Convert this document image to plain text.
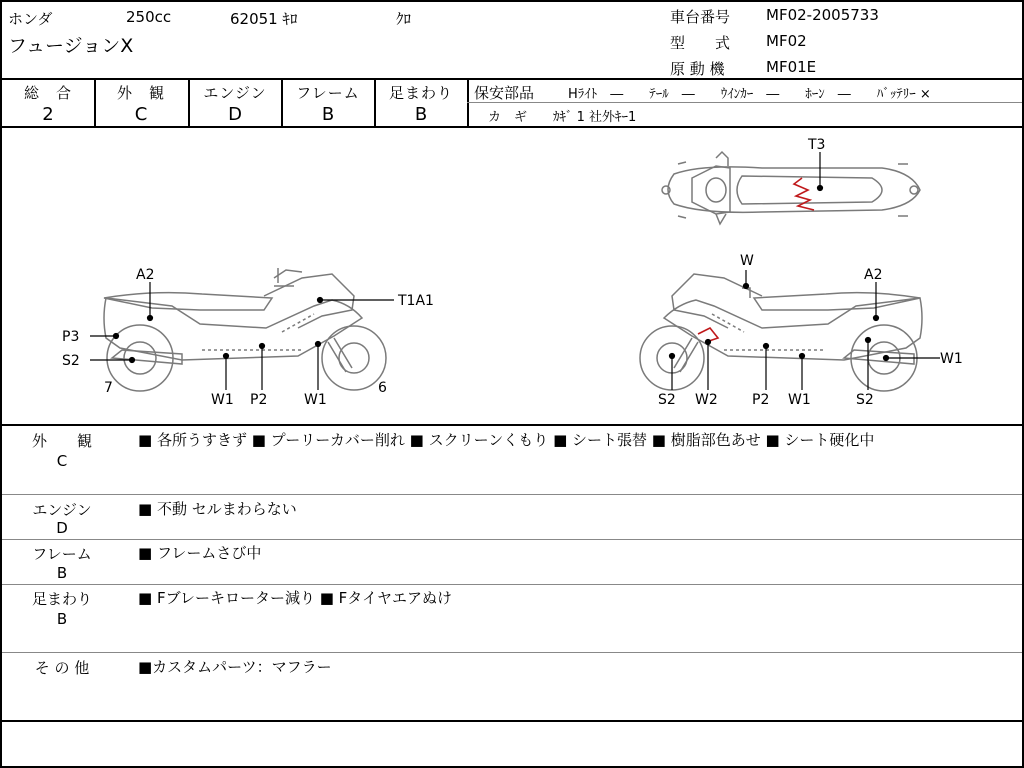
ホンダ	250cc	62051 ｷﾛ	ｸﾛ
フュージョンX
車台番号 MF02-2005733
型　　式 MF02
原 動 機	MF01E
総　合
2
外　観
C
エンジン
D
フレーム
B
足まわり
B
保安部品	Hﾗｲﾄ　―　　ﾃｰﾙ　―　　ｳｲﾝｶｰ　―　　ﾎｰﾝ　―　　ﾊﾞｯﾃﾘｰ ×
カ　ギ　　ｶｷﾞ 1 社外ｷｰ1
A2
T1A1
P3
S2
7	6
W1 P2	W1
T3
W
A2
W1
S2 W2 P2 W1	S2
外　　観
C
■ 各所うすきず ■ プーリーカバー削れ ■ スクリーンくもり ■ シート張替 ■ 樹脂部色あせ ■ シート硬化中
エンジン
D
■ 不動 セルまわらない
フレーム
B
■ フレームさび中
足まわり
B
■ Fブレーキローター減り ■ Fタイヤエアぬけ
そ の 他	■カスタムパーツ：マフラー
